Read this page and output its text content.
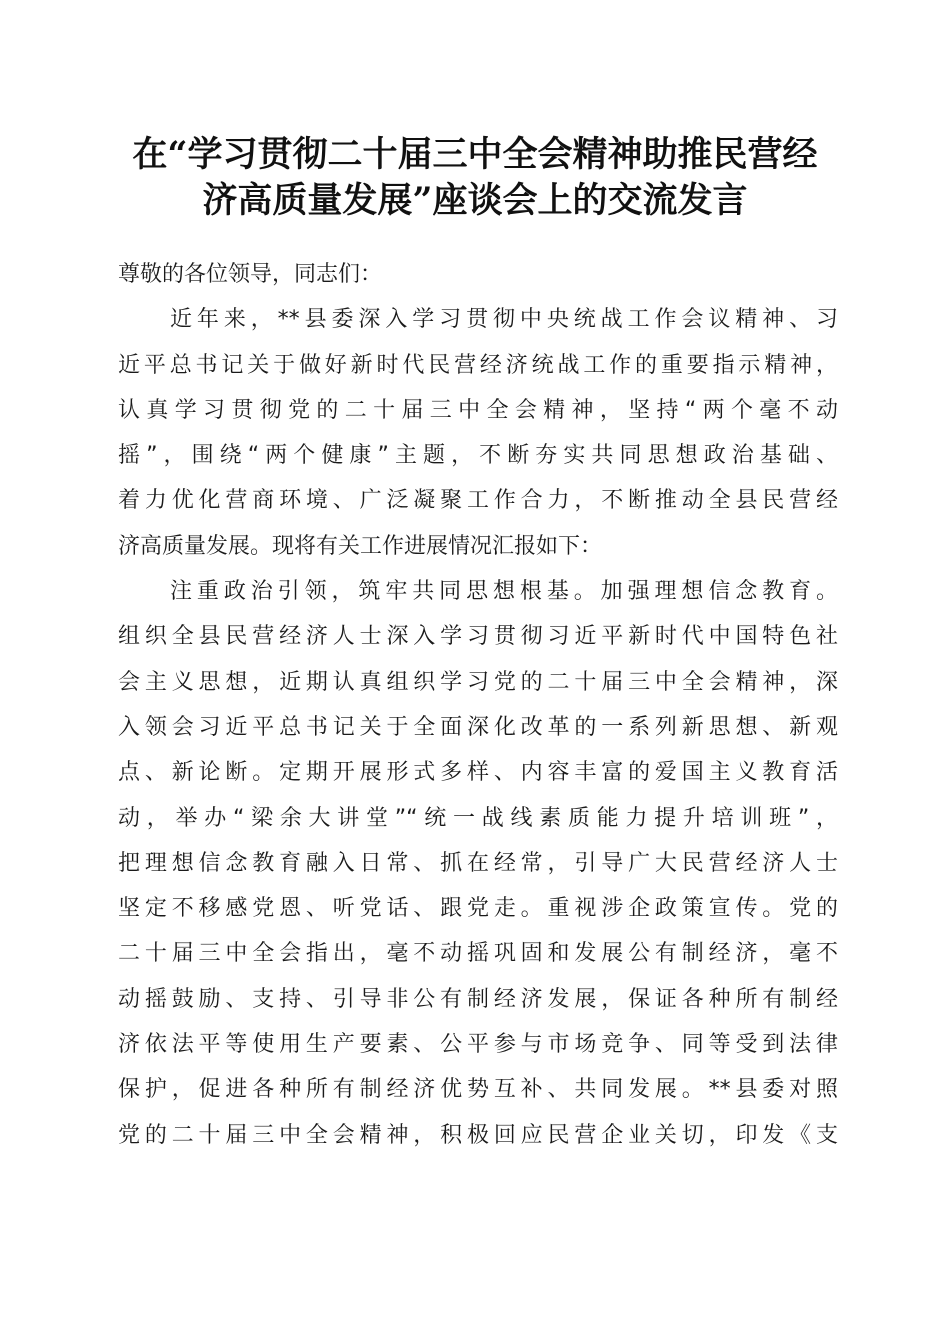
在“学习贯彻二十届三中全会精神助推民营经
济高质量发展”座谈会上的交流发言
尊敬的各位领导，同志们：
近年来，**县委深入学习贯彻中央统战工作会议精神、习
近平总书记关于做好新时代民营经济统战工作的重要指示精神，
认真学习贯彻党的二十届三中全会精神，坚持“两个毫不动
摇”，围绕“两个健康”主题，不断夯实共同思想政治基础、
着力优化营商环境、广泛凝聚工作合力，不断推动全县民营经
济高质量发展。现将有关工作进展情况汇报如下：
注重政治引领，筑牢共同思想根基。加强理想信念教育。
组织全县民营经济人士深入学习贯彻习近平新时代中国特色社
会主义思想，近期认真组织学习党的二十届三中全会精神，深
入领会习近平总书记关于全面深化改革的一系列新思想、新观
点、新论断。定期开展形式多样、内容丰富的爱国主义教育活
动，举办“梁余大讲堂”“统一战线素质能力提升培训班”，
把理想信念教育融入日常、抓在经常，引导广大民营经济人士
坚定不移感党恩、听党话、跟党走。重视涉企政策宣传。党的
二十届三中全会指出，毫不动摇巩固和发展公有制经济，毫不
动摇鼓励、支持、引导非公有制经济发展，保证各种所有制经
济依法平等使用生产要素、公平参与市场竞争、同等受到法律
保护，促进各种所有制经济优势互补、共同发展。**县委对照
党的二十届三中全会精神，积极回应民营企业关切，印发《支
